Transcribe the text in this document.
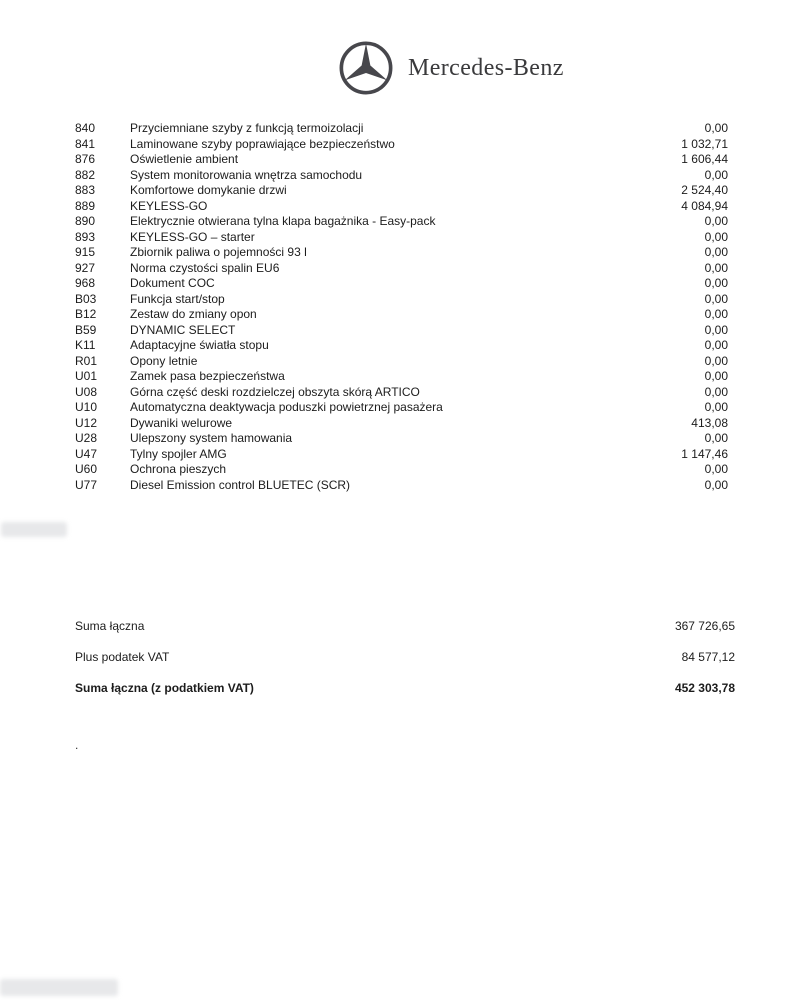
Mercedes-Benz
840	Przyciemniane szyby z funkcją termoizolacji	0,00
841	Laminowane szyby poprawiające bezpieczeństwo	1 032,71
876	Oświetlenie ambient	1 606,44
882	System monitorowania wnętrza samochodu	0,00
883	Komfortowe domykanie drzwi	2 524,40
889	KEYLESS-GO	4 084,94
890	Elektrycznie otwierana tylna klapa bagażnika - Easy-pack	0,00
893	KEYLESS-GO – starter	0,00
915	Zbiornik paliwa o pojemności 93 l	0,00
927	Norma czystości spalin EU6	0,00
968	Dokument COC	0,00
B03	Funkcja start/stop	0,00
B12	Zestaw do zmiany opon	0,00
B59	DYNAMIC SELECT	0,00
K11	Adaptacyjne światła stopu	0,00
R01	Opony letnie	0,00
U01	Zamek pasa bezpieczeństwa	0,00
U08	Górna część deski rozdzielczej obszyta skórą ARTICO	0,00
U10	Automatyczna deaktywacja poduszki powietrznej pasażera	0,00
U12	Dywaniki welurowe	413,08
U28	Ulepszony system hamowania	0,00
U47	Tylny spojler AMG	1 147,46
U60	Ochrona pieszych	0,00
U77	Diesel Emission control BLUETEC (SCR)	0,00
Suma łączna	367 726,65
Plus podatek VAT	84 577,12
Suma łączna (z podatkiem VAT)	452 303,78
.
